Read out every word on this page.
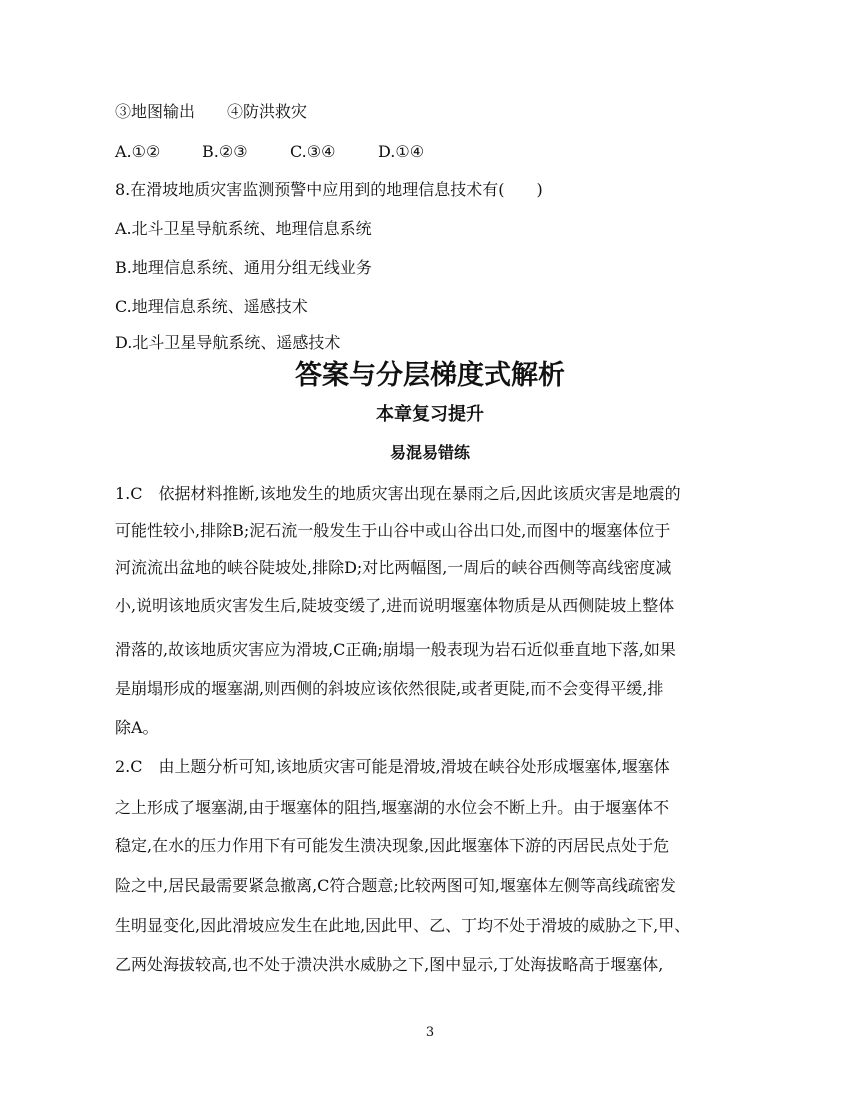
③地图输出　　④防洪救灾
A.①②	B.②③	C.③④	D.①④
8.在滑坡地质灾害监测预警中应用到的地理信息技术有(　　)
A.北斗卫星导航系统、地理信息系统
B.地理信息系统、通用分组无线业务
C.地理信息系统、遥感技术
D.北斗卫星导航系统、遥感技术
答案与分层梯度式解析
本章复习提升
易混易错练
1.C　依据材料推断,该地发生的地质灾害出现在暴雨之后,因此该质灾害是地震的
可能性较小,排除B;泥石流一般发生于山谷中或山谷出口处,而图中的堰塞体位于
河流流出盆地的峡谷陡坡处,排除D;对比两幅图,一周后的峡谷西侧等高线密度减
小,说明该地质灾害发生后,陡坡变缓了,进而说明堰塞体物质是从西侧陡坡上整体
滑落的,故该地质灾害应为滑坡,C正确;崩塌一般表现为岩石近似垂直地下落,如果
是崩塌形成的堰塞湖,则西侧的斜坡应该依然很陡,或者更陡,而不会变得平缓,排
除A。
2.C　由上题分析可知,该地质灾害可能是滑坡,滑坡在峡谷处形成堰塞体,堰塞体
之上形成了堰塞湖,由于堰塞体的阻挡,堰塞湖的水位会不断上升。由于堰塞体不
稳定,在水的压力作用下有可能发生溃决现象,因此堰塞体下游的丙居民点处于危
险之中,居民最需要紧急撤离,C符合题意;比较两图可知,堰塞体左侧等高线疏密发
生明显变化,因此滑坡应发生在此地,因此甲、乙、丁均不处于滑坡的威胁之下,甲、
乙两处海拔较高,也不处于溃决洪水威胁之下,图中显示,丁处海拔略高于堰塞体,
3
